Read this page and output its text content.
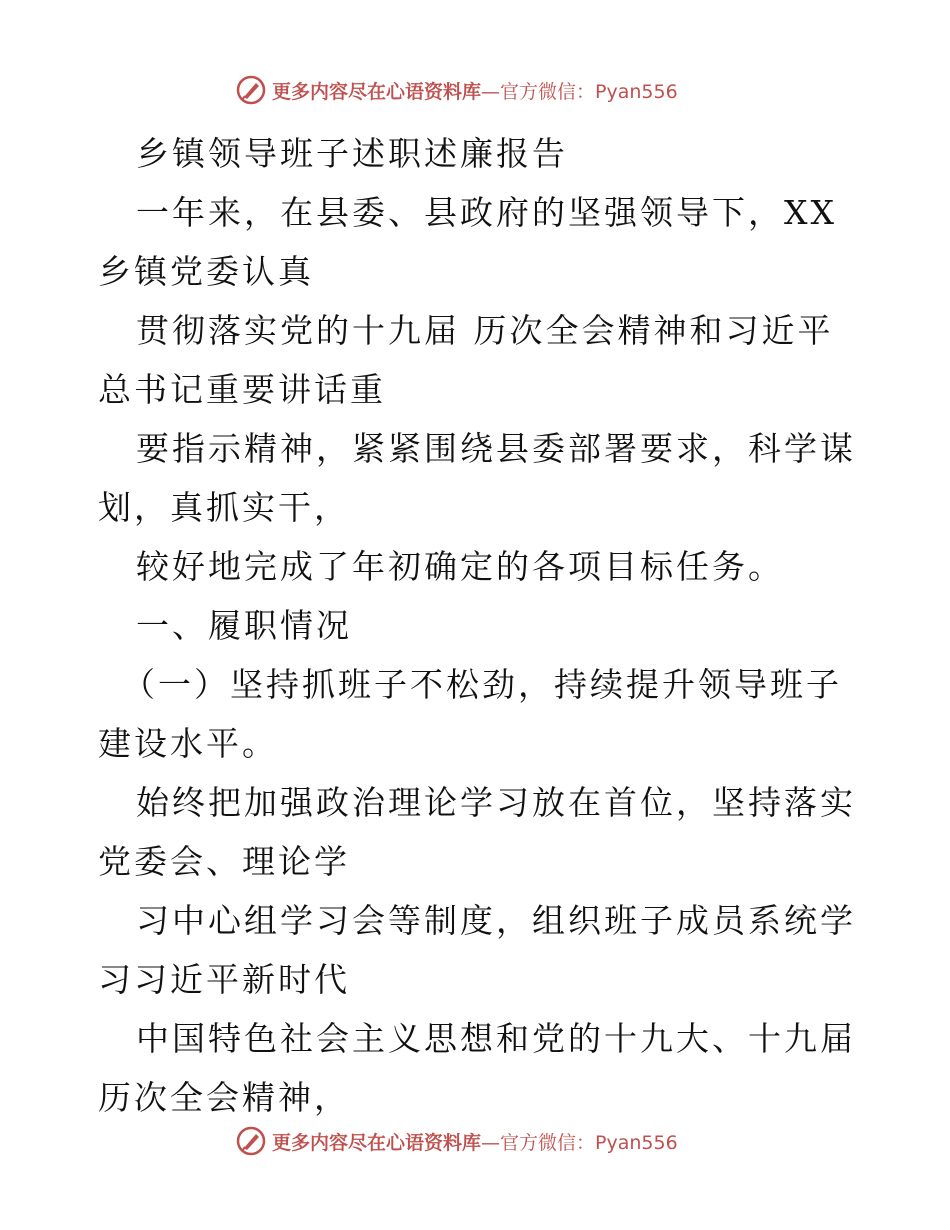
更多内容尽在心语资料库—官方微信：Pyan556

乡镇领导班子述职述廉报告

一年来，在县委、县政府的坚强领导下，XX 乡镇党委认真

贯彻落实党的十九届 历次全会精神和习近平总书记重要讲话重

要指示精神，紧紧围绕县委部署要求，科学谋划，真抓实干，

较好地完成了年初确定的各项目标任务。

一、履职情况

（一）坚持抓班子不松劲，持续提升领导班子建设水平。

始终把加强政治理论学习放在首位，坚持落实党委会、理论学

习中心组学习会等制度，组织班子成员系统学习习近平新时代

中国特色社会主义思想和党的十九大、十九届历次全会精神，

更多内容尽在心语资料库—官方微信：Pyan556
